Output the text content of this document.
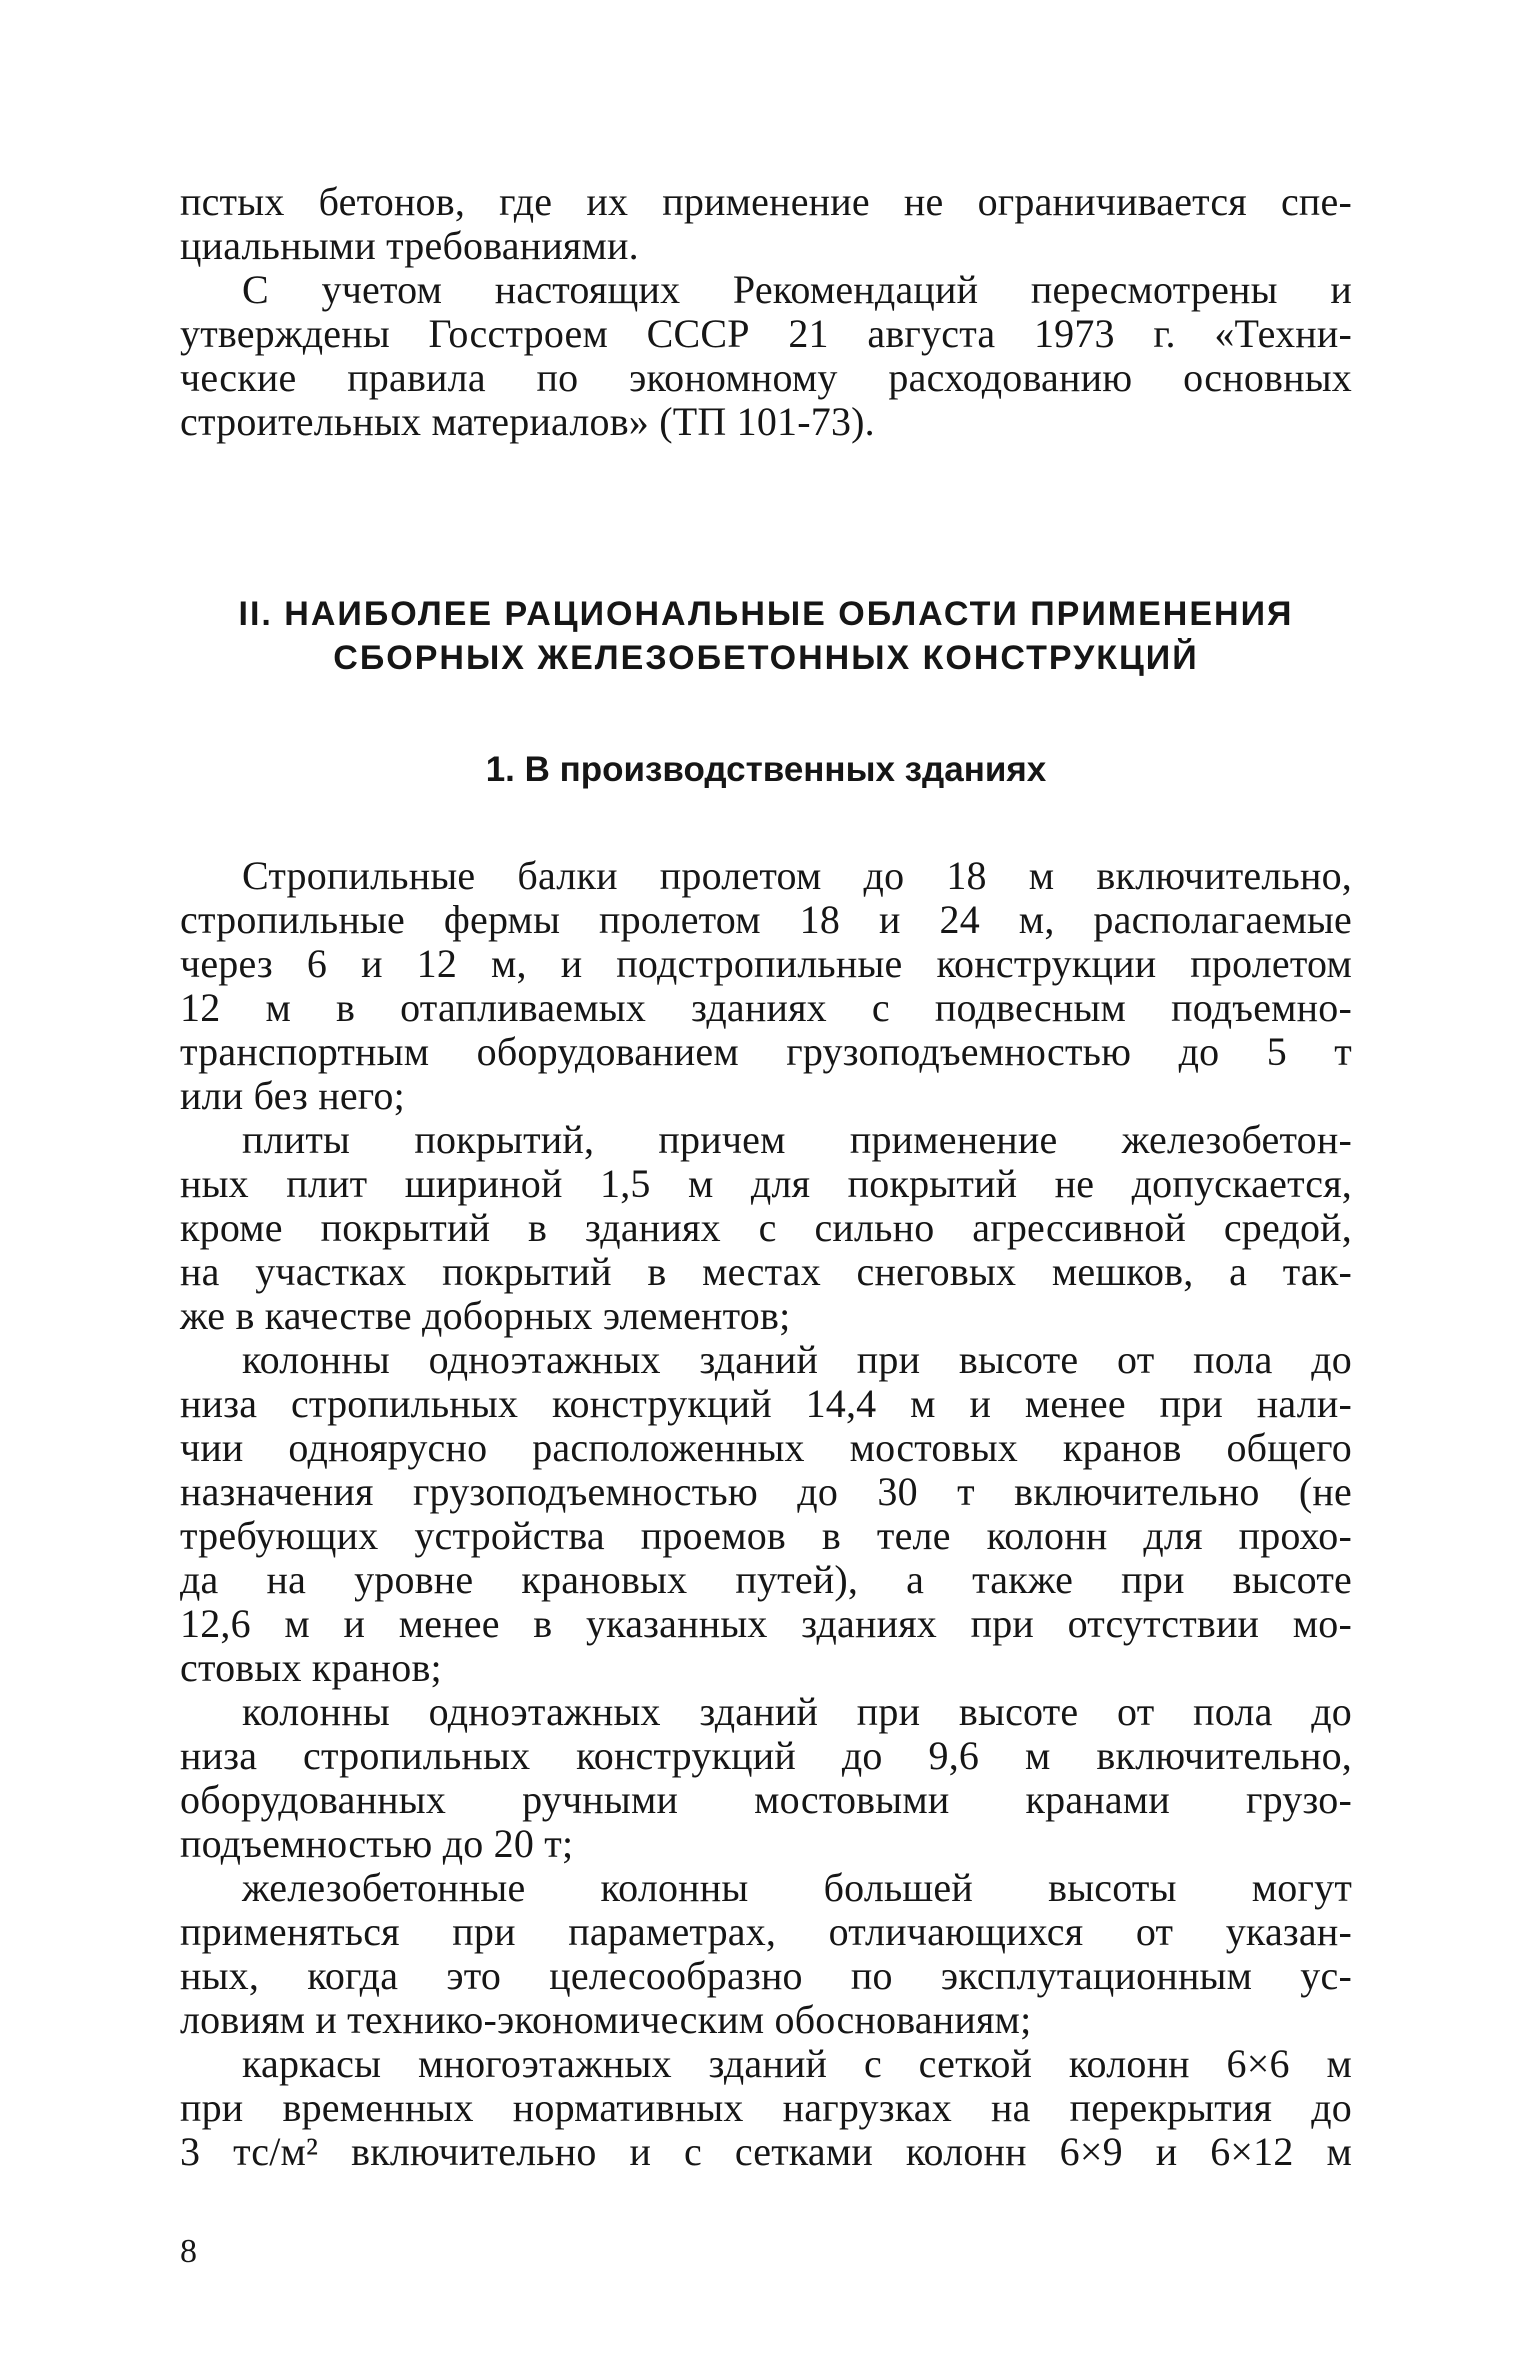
пстых бетонов, где их применение не ограничивается спе-
циальными требованиями.
С учетом настоящих Рекомендаций пересмотрены и
утверждены Госстроем СССР 21 августа 1973 г. «Техни-
ческие правила по экономному расходованию основных
строительных материалов» (ТП 101-73).
II. НАИБОЛЕЕ РАЦИОНАЛЬНЫЕ ОБЛАСТИ ПРИМЕНЕНИЯ
СБОРНЫХ ЖЕЛЕЗОБЕТОННЫХ КОНСТРУКЦИЙ
1. В производственных зданиях
Стропильные балки пролетом до 18 м включительно,
стропильные фермы пролетом 18 и 24 м, располагаемые
через 6 и 12 м, и подстропильные конструкции пролетом
12 м в отапливаемых зданиях с подвесным подъемно-
транспортным оборудованием грузоподъемностью до 5 т
или без него;
плиты покрытий, причем применение железобетон-
ных плит шириной 1,5 м для покрытий не допускается,
кроме покрытий в зданиях с сильно агрессивной средой,
на участках покрытий в местах снеговых мешков, а так-
же в качестве доборных элементов;
колонны одноэтажных зданий при высоте от пола до
низа стропильных конструкций 14,4 м и менее при нали-
чии одноярусно расположенных мостовых кранов общего
назначения грузоподъемностью до 30 т включительно (не
требующих устройства проемов в теле колонн для прохо-
да на уровне крановых путей), а также при высоте
12,6 м и менее в указанных зданиях при отсутствии мо-
стовых кранов;
колонны одноэтажных зданий при высоте от пола до
низа стропильных конструкций до 9,6 м включительно,
оборудованных ручными мостовыми кранами грузо-
подъемностью до 20 т;
железобетонные колонны большей высоты могут
применяться при параметрах, отличающихся от указан-
ных, когда это целесообразно по эксплутационным ус-
ловиям и технико-экономическим обоснованиям;
каркасы многоэтажных зданий с сеткой колонн 6×6 м
при временных нормативных нагрузках на перекрытия до
3 тс/м² включительно и с сетками колонн 6×9 и 6×12 м
8
